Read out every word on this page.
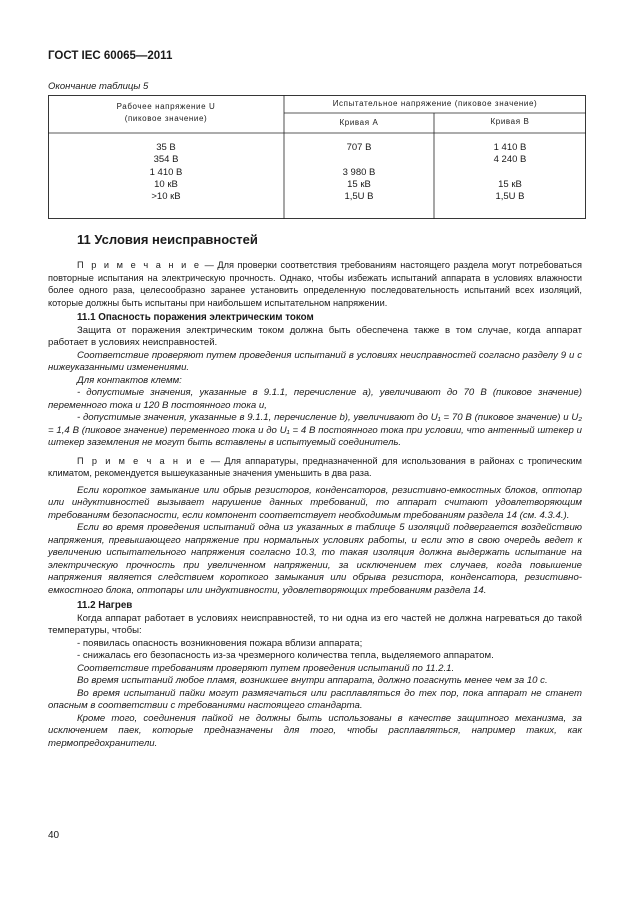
ГОСТ IEC 60065—2011
Окончание таблицы 5
Рабочее напряжение U
(пиковое значение)
Испытательное напряжение (пиковое значение)
Кривая A	Кривая B
35 В
354 В
1 410 В
10 кВ
>10 кВ
707 В

3 980 В
15 кВ
1,5U В
1 410 В
4 240 В

15 кВ
1,5U В
11 Условия неисправностей

П р и м е ч а н и е — Для проверки соответствия требованиям настоящего раздела могут потребоваться повторные испытания на электрическую прочность. Однако, чтобы избежать испытаний аппарата в условиях влажности более одного раза, целесообразно заранее установить определенную последовательность испытаний всех изоляций, которые должны быть испытаны при наибольшем испытательном напряжении.

11.1 Опасность поражения электрическим током

Защита от поражения электрическим током должна быть обеспечена также в том случае, когда аппарат работает в условиях неисправностей.

Соответствие проверяют путем проведения испытаний в условиях неисправностей согласно разделу 9 и с нижеуказанными изменениями.

Для контактов клемм:

- допустимые значения, указанные в 9.1.1, перечисление a), увеличивают до 70 В (пиковое значение) переменного тока и 120 В постоянного тока и,

- допустимые значения, указанные в 9.1.1, перечисление b), увеличивают до U₁ = 70 В (пиковое значение) и U₂ = 1,4 В (пиковое значение) переменного тока и до U₁ = 4 В постоянного тока при условии, что антенный штекер и штекер заземления не могут быть вставлены в испытуемый соединитель.

П р и м е ч а н и е — Для аппаратуры, предназначенной для использования в районах с тропическим климатом, рекомендуется вышеуказанные значения уменьшить в два раза.

Если короткое замыкание или обрыв резисторов, конденсаторов, резистивно-емкостных блоков, оптопар или индуктивностей вызывает нарушение данных требований, то аппарат считают удовлетворяющим требованиям безопасности, если компонент соответствует необходимым требованиям раздела 14 (см. 4.3.4.).

Если во время проведения испытаний одна из указанных в таблице 5 изоляций подвергается воздействию напряжения, превышающего напряжение при нормальных условиях работы, и если это в свою очередь ведет к увеличению испытательного напряжения согласно 10.3, то такая изоляция должна выдержать испытание на электрическую прочность при увеличенном напряжении, за исключением тех случаев, когда повышение напряжения является следствием короткого замыкания или обрыва резистора, конденсатора, резистивно-емкостного блока, оптопары или индуктивности, удовлетворяющих требованиям раздела 14.

11.2 Нагрев

Когда аппарат работает в условиях неисправностей, то ни одна из его частей не должна нагреваться до такой температуры, чтобы:

- появилась опасность возникновения пожара вблизи аппарата;

- снижалась его безопасность из-за чрезмерного количества тепла, выделяемого аппаратом.

Соответствие требованиям проверяют путем проведения испытаний по 11.2.1.

Во время испытаний любое пламя, возникшее внутри аппарата, должно погаснуть менее чем за 10 с.

Во время испытаний пайки могут размягчаться или расплавляться до тех пор, пока аппарат не станет опасным в соответствии с требованиями настоящего стандарта.

Кроме того, соединения пайкой не должны быть использованы в качестве защитного механизма, за исключением паек, которые предназначены для того, чтобы расплавляться, например таких, как термопредохранители.

40
